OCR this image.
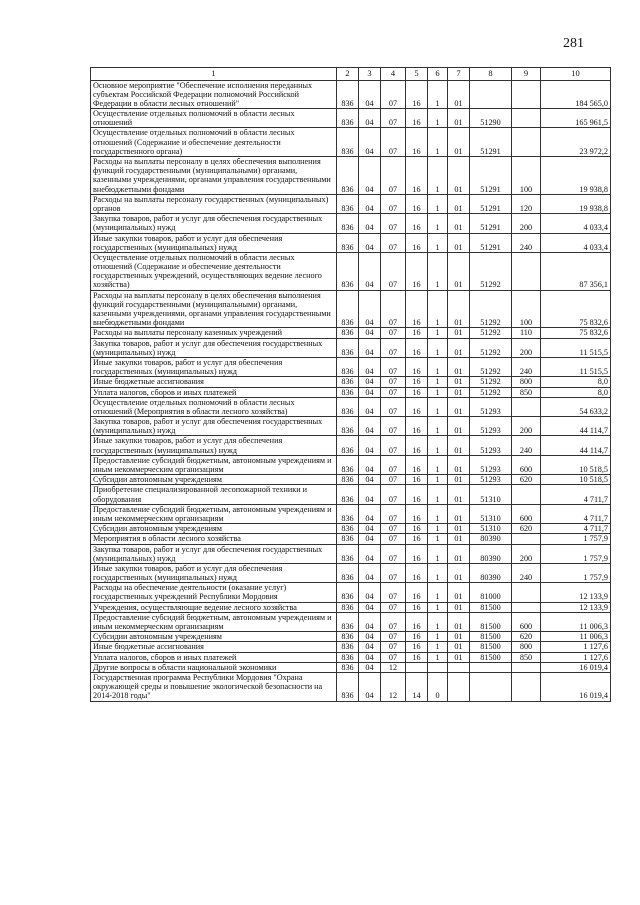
281
1	2	3	4	5	6	7	8	9	10
Основное мероприятие "Обеспечение исполнения переданных субъектам Российской Федерации полномочий Российской Федерации в области лесных отношений"	836	04	07	16	1	01			184 565,0
Осуществление отдельных полномочий в области лесных отношений	836	04	07	16	1	01	51290		165 961,5
Осуществление отдельных полномочий в области лесных отношений (Содержание и обеспечение деятельности государственного органа)	836	04	07	16	1	01	51291		23 972,2
Расходы на выплаты персоналу в целях обеспечения выполнения функций государственными (муниципальными) органами, казенными учреждениями, органами управления государственными внебюджетными фондами	836	04	07	16	1	01	51291	100	19 938,8
Расходы на выплаты персоналу государственных (муниципальных) органов	836	04	07	16	1	01	51291	120	19 938,8
Закупка товаров, работ и услуг для обеспечения государственных (муниципальных) нужд	836	04	07	16	1	01	51291	200	4 033,4
Иные закупки товаров, работ и услуг для обеспечения государственных (муниципальных) нужд	836	04	07	16	1	01	51291	240	4 033,4
Осуществление отдельных полномочий в области лесных отношений (Содержание и обеспечение деятельности государственных учреждений, осуществляющих ведение лесного хозяйства)	836	04	07	16	1	01	51292		87 356,1
Расходы на выплаты персоналу в целях обеспечения выполнения функций государственными (муниципальными) органами, казенными учреждениями, органами управления государственными внебюджетными фондами	836	04	07	16	1	01	51292	100	75 832,6
Расходы на выплаты персоналу казенных учреждений	836	04	07	16	1	01	51292	110	75 832,6
Закупка товаров, работ и услуг для обеспечения государственных (муниципальных) нужд	836	04	07	16	1	01	51292	200	11 515,5
Иные закупки товаров, работ и услуг для обеспечения государственных (муниципальных) нужд	836	04	07	16	1	01	51292	240	11 515,5
Иные бюджетные ассигнования	836	04	07	16	1	01	51292	800	8,0
Уплата налогов, сборов и иных платежей	836	04	07	16	1	01	51292	850	8,0
Осуществление отдельных полномочий в области лесных отношений (Мероприятия в области лесного хозяйства)	836	04	07	16	1	01	51293		54 633,2
Закупка товаров, работ и услуг для обеспечения государственных (муниципальных) нужд	836	04	07	16	1	01	51293	200	44 114,7
Иные закупки товаров, работ и услуг для обеспечения государственных (муниципальных) нужд	836	04	07	16	1	01	51293	240	44 114,7
Предоставление субсидий бюджетным, автономным учреждениям и иным некоммерческим организациям	836	04	07	16	1	01	51293	600	10 518,5
Субсидии автономным учреждениям	836	04	07	16	1	01	51293	620	10 518,5
Приобретение специализированной лесопожарной техники и оборудования	836	04	07	16	1	01	51310		4 711,7
Предоставление субсидий бюджетным, автономным учреждениям и иным некоммерческим организациям	836	04	07	16	1	01	51310	600	4 711,7
Субсидии автономным учреждениям	836	04	07	16	1	01	51310	620	4 711,7
Мероприятия в области лесного хозяйства	836	04	07	16	1	01	80390		1 757,9
Закупка товаров, работ и услуг для обеспечения государственных (муниципальных) нужд	836	04	07	16	1	01	80390	200	1 757,9
Иные закупки товаров, работ и услуг для обеспечения государственных (муниципальных) нужд	836	04	07	16	1	01	80390	240	1 757,9
Расходы на обеспечение деятельности (оказание услуг) государственных учреждений Республики Мордовия	836	04	07	16	1	01	81000		12 133,9
Учреждения, осуществляющие ведение лесного хозяйства	836	04	07	16	1	01	81500		12 133,9
Предоставление субсидий бюджетным, автономным учреждениям и иным некоммерческим организациям	836	04	07	16	1	01	81500	600	11 006,3
Субсидии автономным учреждениям	836	04	07	16	1	01	81500	620	11 006,3
Иные бюджетные ассигнования	836	04	07	16	1	01	81500	800	1 127,6
Уплата налогов, сборов и иных платежей	836	04	07	16	1	01	81500	850	1 127,6
Другие вопросы в области национальной экономики	836	04	12						16 019,4
Государственная программа Республики Мордовия "Охрана окружающей среды и повышение экологической безопасности на 2014-2018 годы"	836	04	12	14	0				16 019,4
